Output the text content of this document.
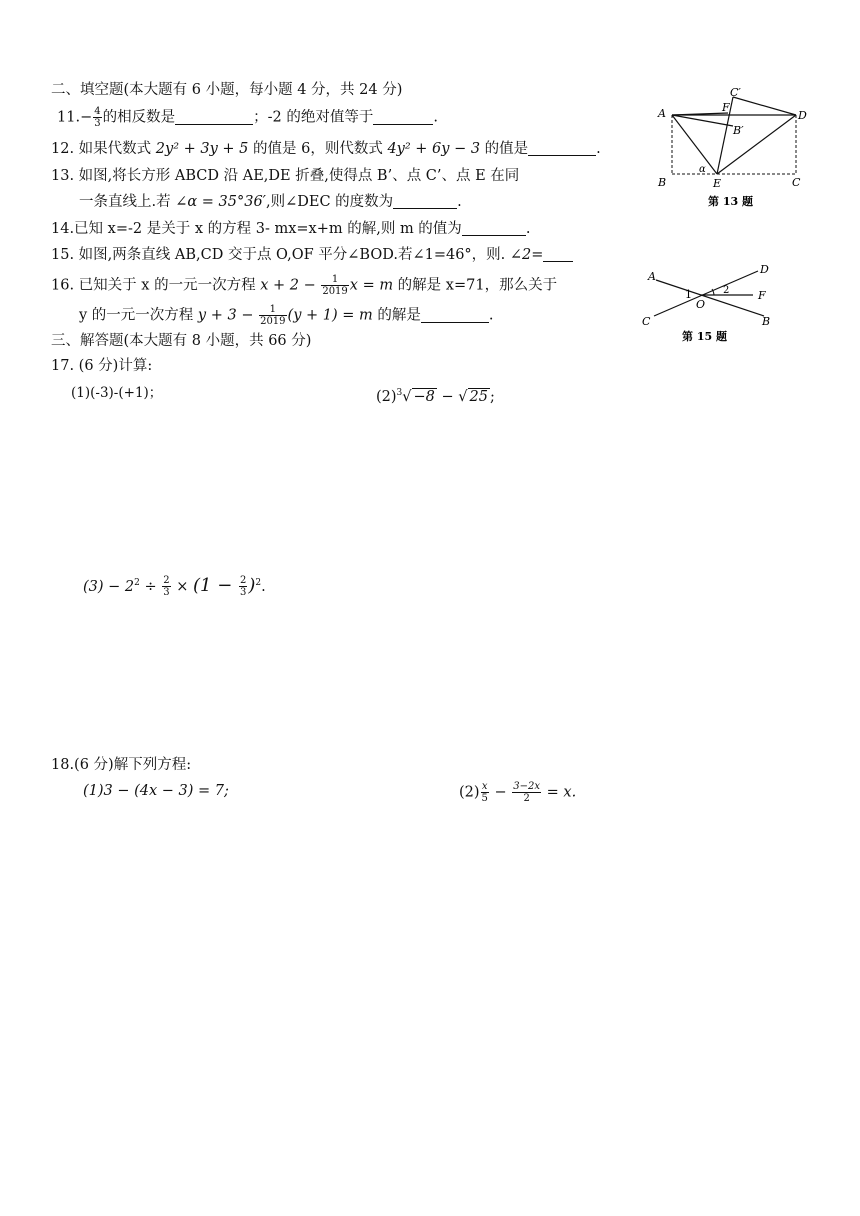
二、填空题(本大题有 6 小题，每小题 4 分，共 24 分)
$11.- \frac{4}{3}$ 的相反数是	；-2 的绝对值等于	.
12. 如果代数式 2y² + 3y + 5 的值是 6，则代数式 4y² + 6y − 3 的值是	.
13. 如图,将长方形 ABCD 沿 AE,DE 折叠,使得点 B’、点 C’、点 E 在同
一条直线上.若 ∠α = 35°36′,则∠DEC 的度数为	.
14.已知 x=-2 是关于 x 的方程 3- mx=x+m 的解,则 m 的值为	.
15. 如图,两条直线 AB,CD 交于点 O,OF 平分∠BOD.若∠1=46°，则. ∠2=
16. 已知关于 x 的一元一次方程 $x + 2 - \frac{1}{2019}$ x = m 的解是 x=71，那么关于
y 的一元一次方程 $y + 3 - \frac{1}{2019} (y + 1) = m$ 的解是	.
三、解答题(本大题有 8 小题，共 66 分)
17. (6 分)计算:
(1)(-3)-(+1)；	$(2)^3√ -8$ − √ 25 ;
$(3) - 2^2 \div \frac{2}{3} \times (1 - \frac{2}{3} )^2$.
18.(6 分)解下列方程:
(1)3 − (4x − 3) = 7;	$(2) \frac{x}{5} - \frac{3-2x}{2} = x$.
A
B	C
D
E
F
B′
C′
α
第 13 题
A
D
F
C	B
O
1	2
第 15 题
